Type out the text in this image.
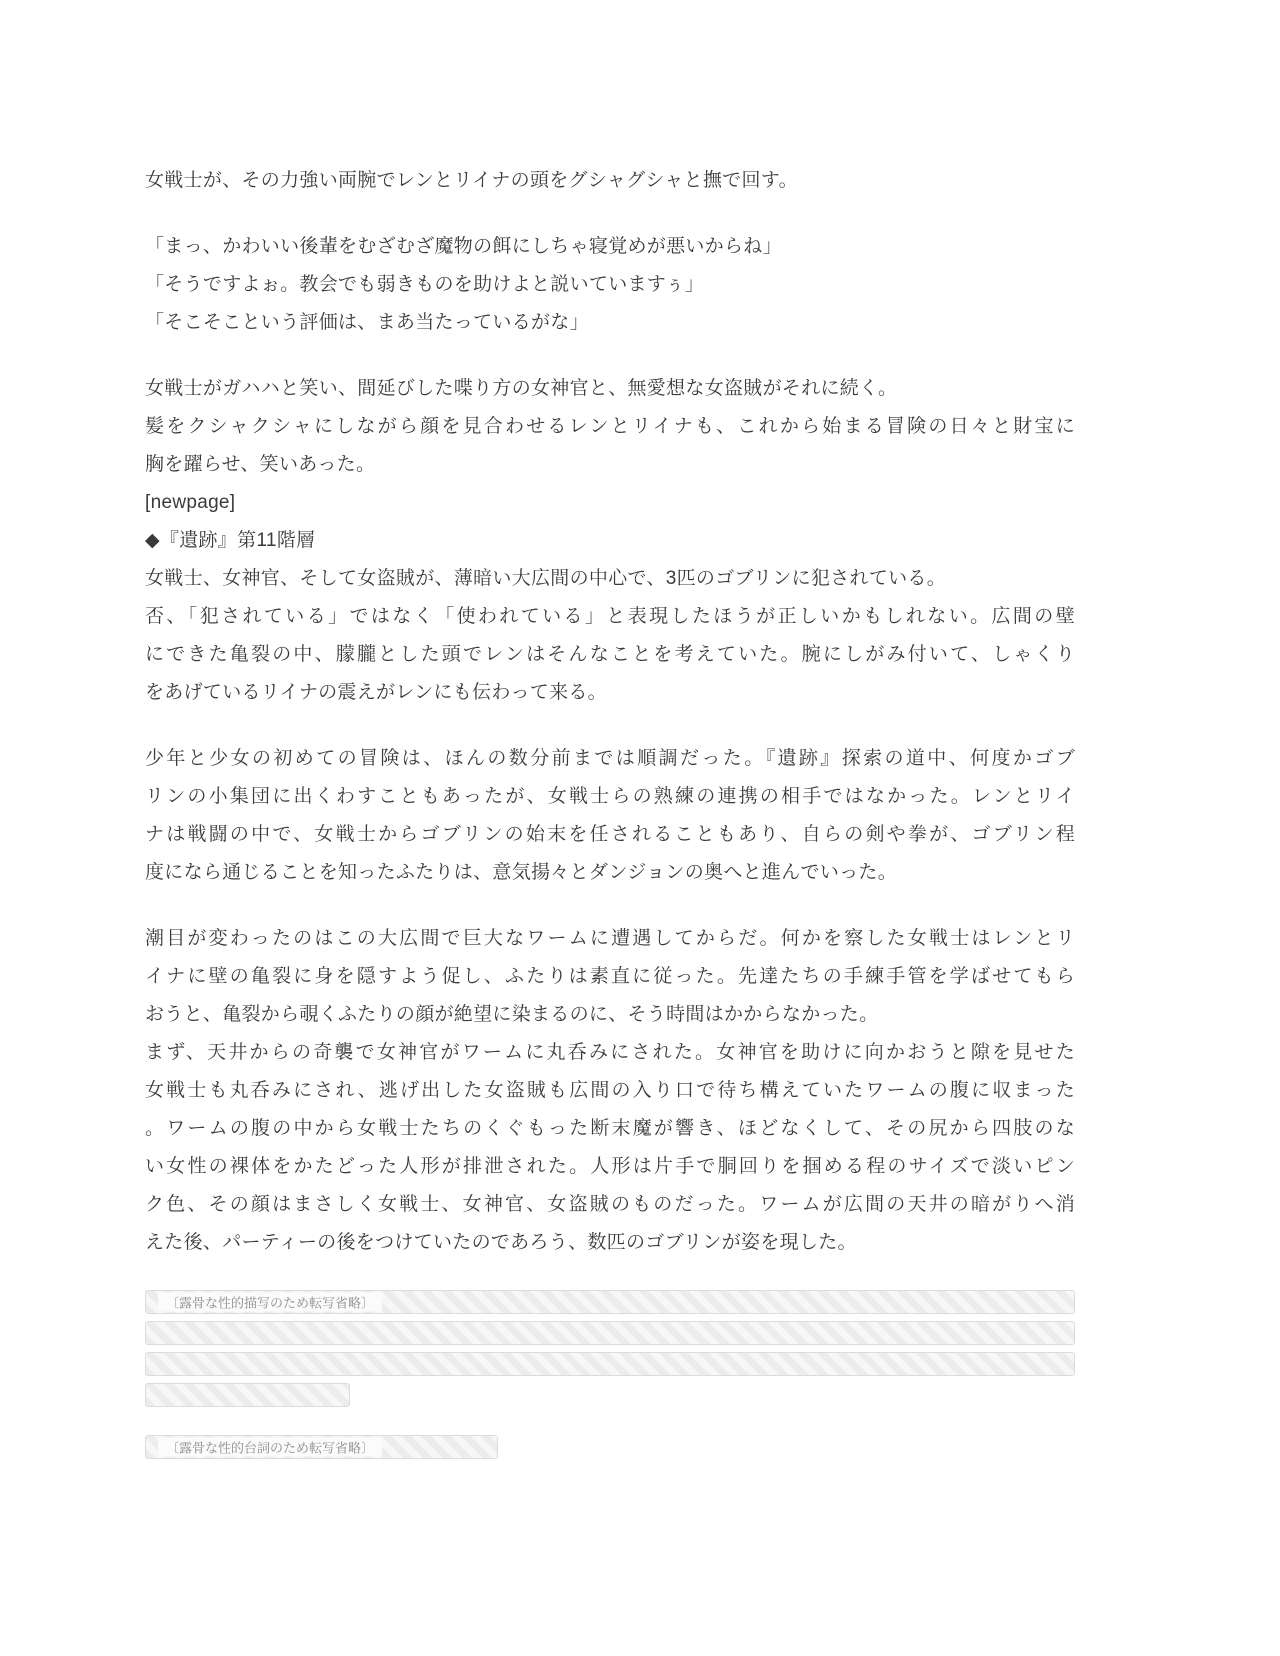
女戦士が、その力強い両腕でレンとリイナの頭をグシャグシャと撫で回す。
「まっ、かわいい後輩をむざむざ魔物の餌にしちゃ寝覚めが悪いからね」
「そうですよぉ。教会でも弱きものを助けよと説いていますぅ」
「そこそこという評価は、まあ当たっているがな」
女戦士がガハハと笑い、間延びした喋り方の女神官と、無愛想な女盗賊がそれに続く。
髪をクシャクシャにしながら顔を見合わせるレンとリイナも、これから始まる冒険の日々と財宝に
胸を躍らせ、笑いあった。
[newpage]
◆『遺跡』第11階層
女戦士、女神官、そして女盗賊が、薄暗い大広間の中心で、3匹のゴブリンに犯されている。
否、「犯されている」ではなく「使われている」と表現したほうが正しいかもしれない。広間の壁
にできた亀裂の中、朦朧とした頭でレンはそんなことを考えていた。腕にしがみ付いて、しゃくり
をあげているリイナの震えがレンにも伝わって来る。
少年と少女の初めての冒険は、ほんの数分前までは順調だった。『遺跡』探索の道中、何度かゴブ
リンの小集団に出くわすこともあったが、女戦士らの熟練の連携の相手ではなかった。レンとリイ
ナは戦闘の中で、女戦士からゴブリンの始末を任されることもあり、自らの剣や拳が、ゴブリン程
度になら通じることを知ったふたりは、意気揚々とダンジョンの奥へと進んでいった。
潮目が変わったのはこの大広間で巨大なワームに遭遇してからだ。何かを察した女戦士はレンとリ
イナに壁の亀裂に身を隠すよう促し、ふたりは素直に従った。先達たちの手練手管を学ばせてもら
おうと、亀裂から覗くふたりの顔が絶望に染まるのに、そう時間はかからなかった。
まず、天井からの奇襲で女神官がワームに丸呑みにされた。女神官を助けに向かおうと隙を見せた
女戦士も丸呑みにされ、逃げ出した女盗賊も広間の入り口で待ち構えていたワームの腹に収まった
。ワームの腹の中から女戦士たちのくぐもった断末魔が響き、ほどなくして、その尻から四肢のな
い女性の裸体をかたどった人形が排泄された。人形は片手で胴回りを掴める程のサイズで淡いピン
ク色、その顔はまさしく女戦士、女神官、女盗賊のものだった。ワームが広間の天井の暗がりへ消
えた後、パーティーの後をつけていたのであろう、数匹のゴブリンが姿を現した。
〔露骨な性的描写のため転写省略〕
〔露骨な性的台詞のため転写省略〕
